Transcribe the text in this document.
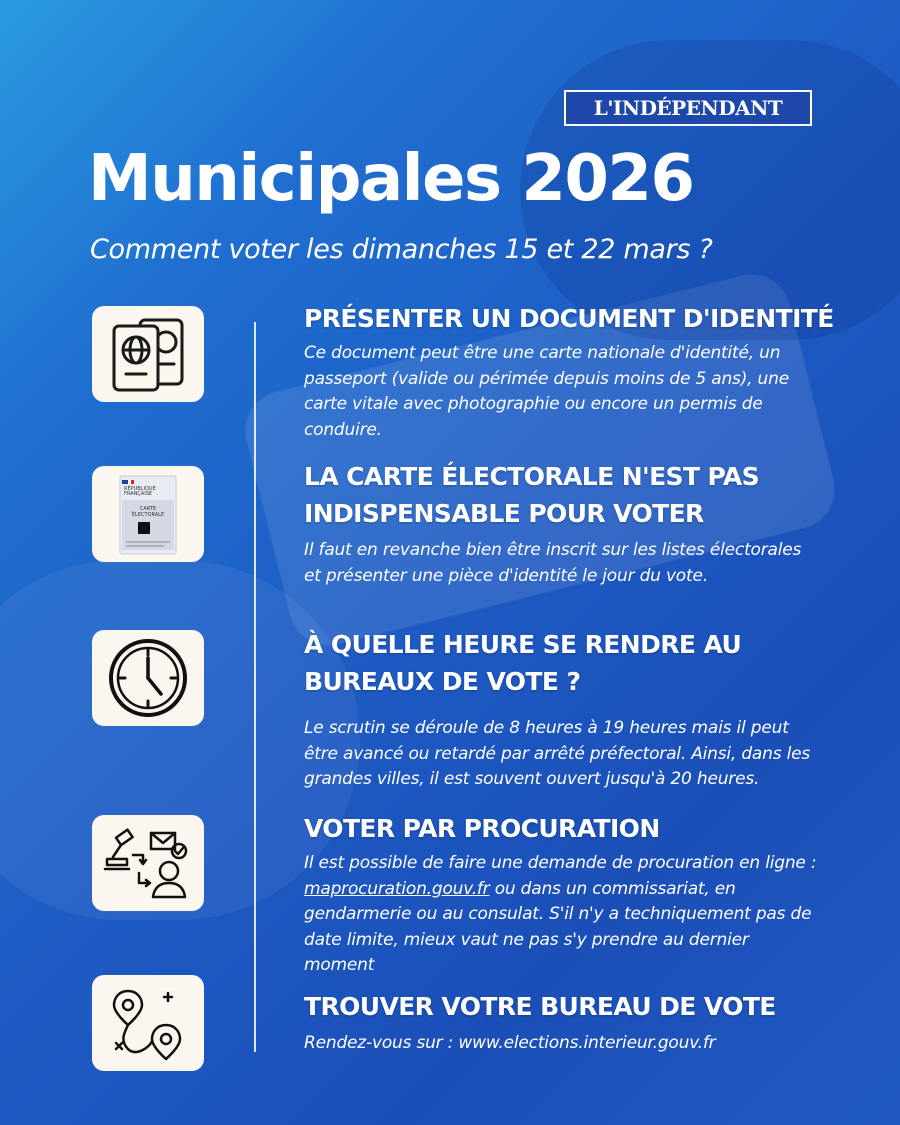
L'INDÉPENDANT
Municipales 2026
Comment voter les dimanches 15 et 22 mars ?
PRÉSENTER UN DOCUMENT D'IDENTITÉ
Ce document peut être une carte nationale d'identité, un passeport (valide ou périmée depuis moins de 5 ans), une carte vitale avec photographie ou encore un permis de conduire.
RÉPUBLIQUE
FRANÇAISE
CARTE
ÉLECTORALE
LA CARTE ÉLECTORALE N'EST PAS INDISPENSABLE POUR VOTER
Il faut en revanche bien être inscrit sur les listes électorales et présenter une pièce d'identité le jour du vote.
À QUELLE HEURE SE RENDRE AU BUREAUX DE VOTE ?
Le scrutin se déroule de 8 heures à 19 heures mais il peut être avancé ou retardé par arrêté préfectoral. Ainsi, dans les grandes villes, il est souvent ouvert jusqu'à 20 heures.
VOTER PAR PROCURATION
Il est possible de faire une demande de procuration en ligne : maprocuration.gouv.fr ou dans un commissariat, en gendarmerie ou au consulat. S'il n'y a techniquement pas de date limite, mieux vaut ne pas s'y prendre au dernier moment
TROUVER VOTRE BUREAU DE VOTE
Rendez-vous sur : www.elections.interieur.gouv.fr
